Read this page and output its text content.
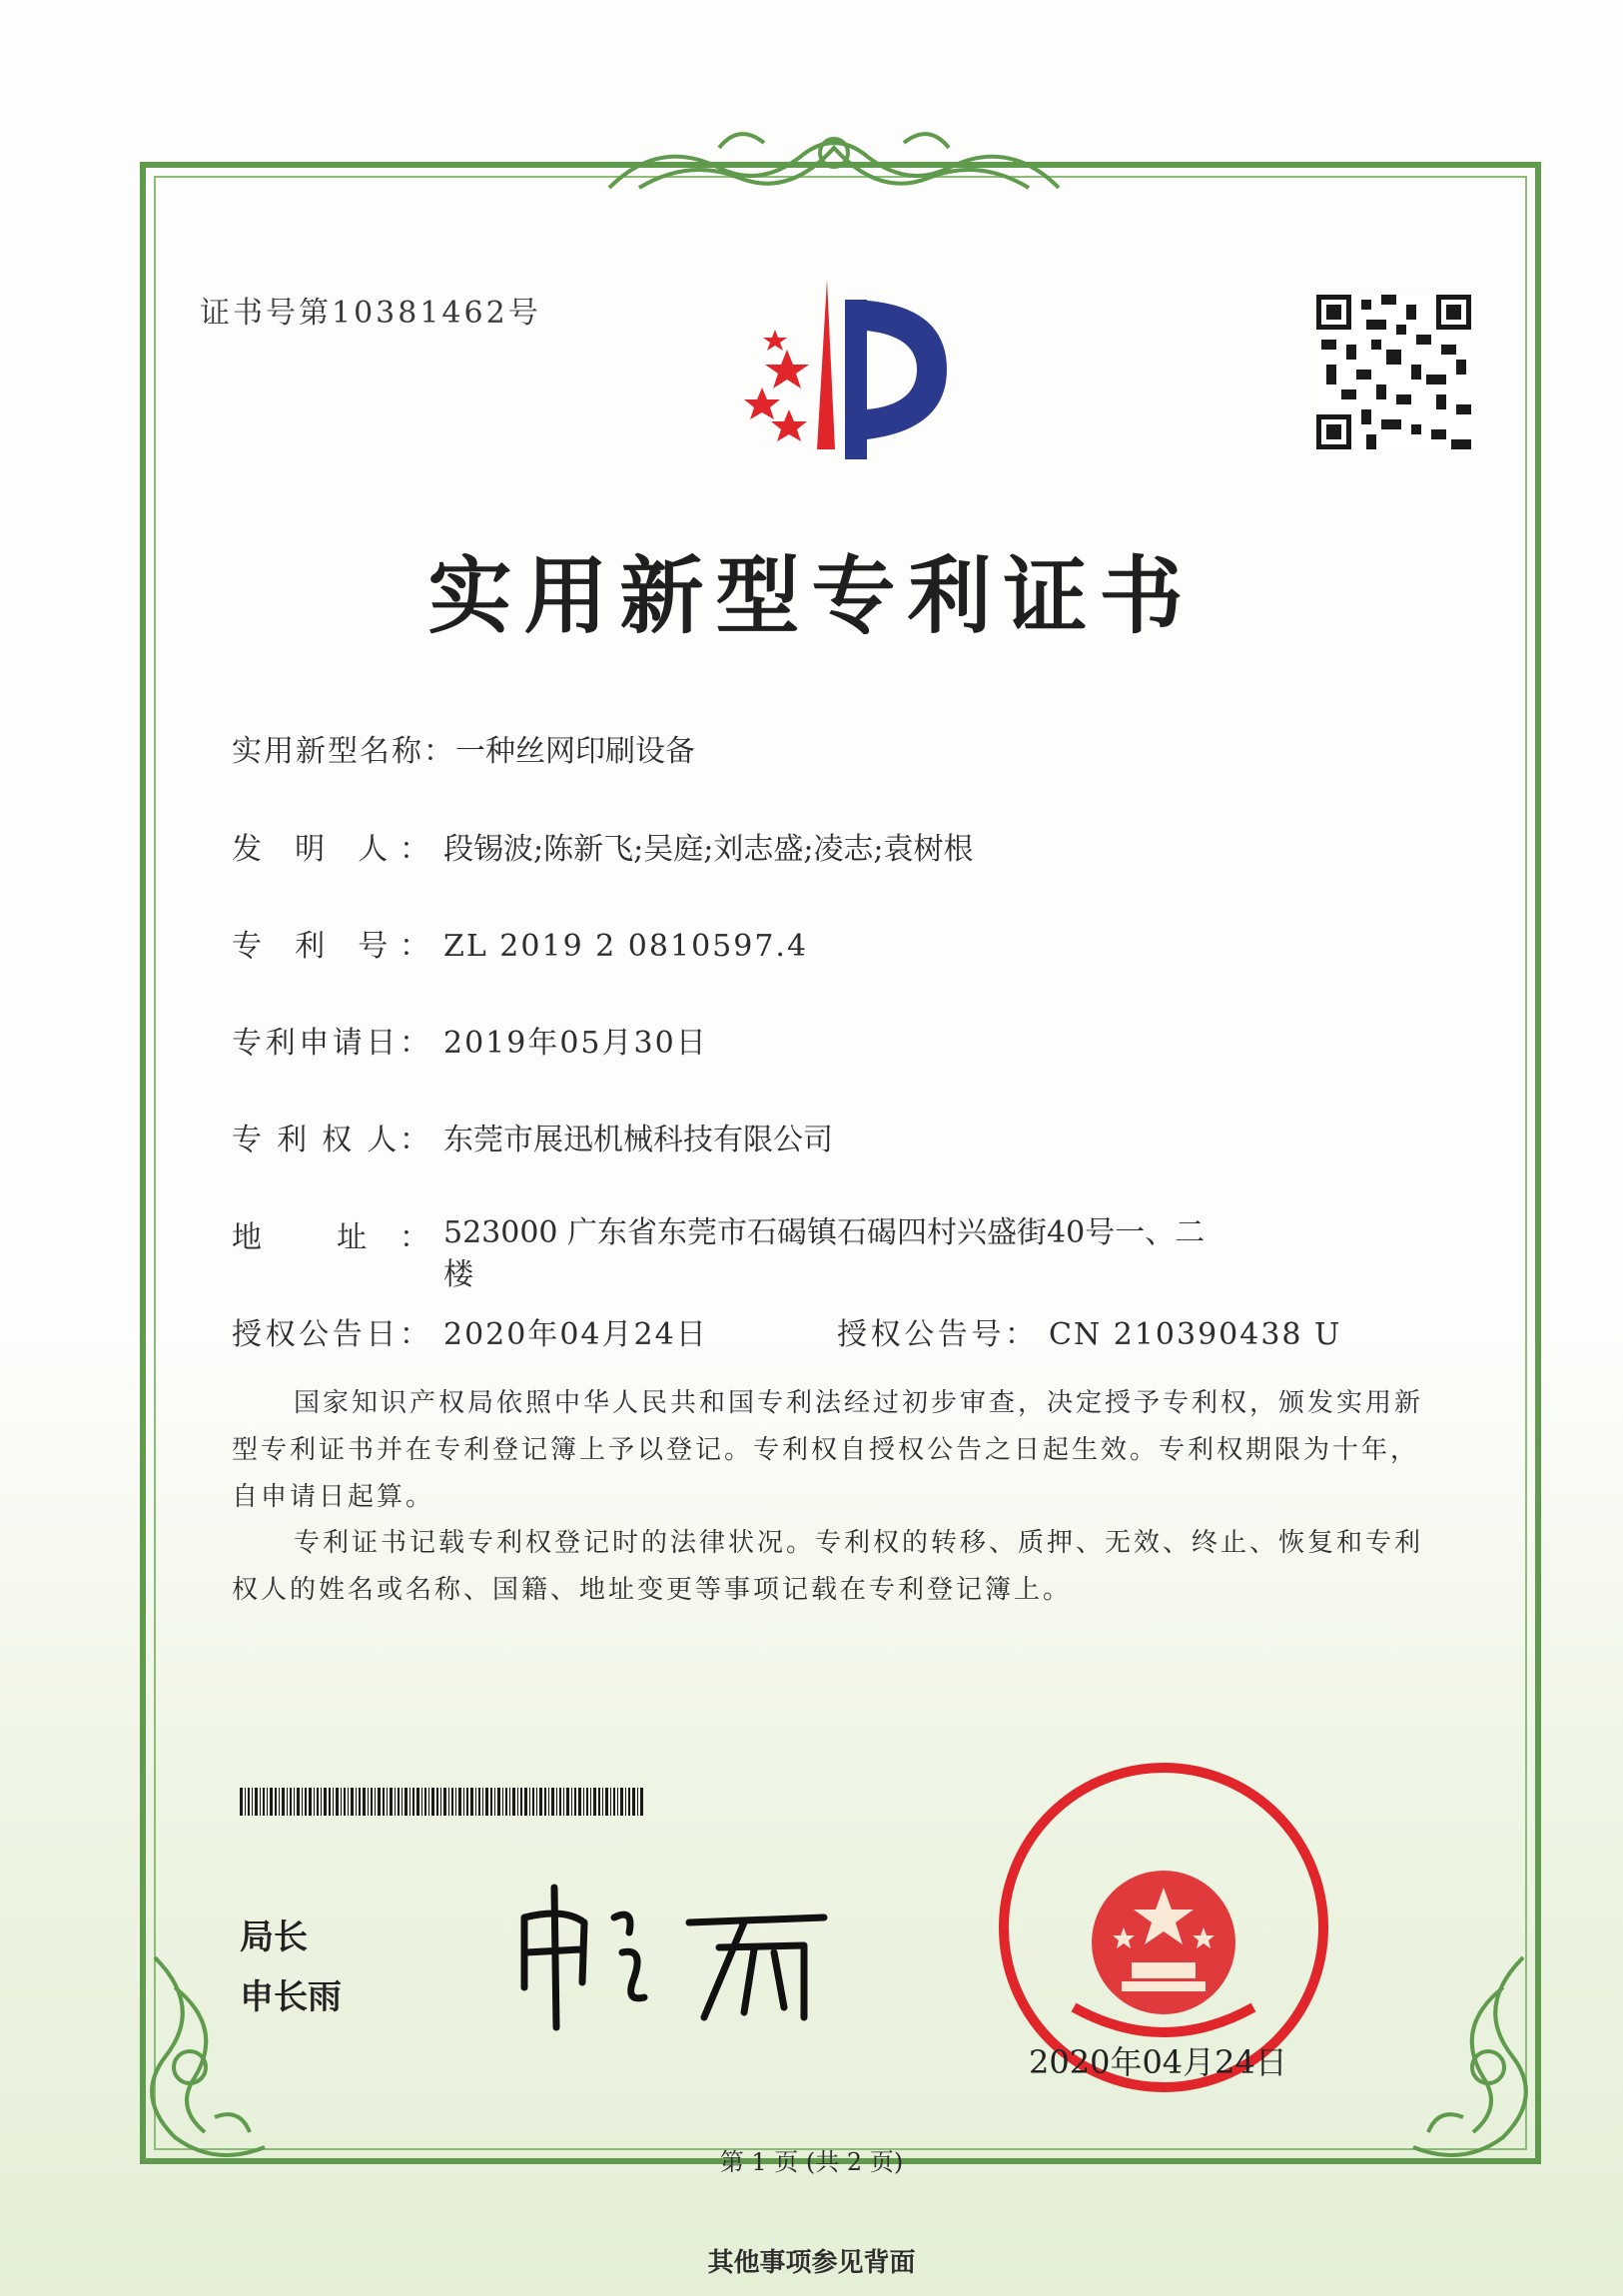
证书号第10381462号
实用新型专利证书
实用新型名称：一种丝网印刷设备
发 明 人： 段锡波;陈新飞;吴庭;刘志盛;凌志;袁树根
专 利 号： ZL 2019 2 0810597.4
专利申请日： 2019年05月30日
专 利 权 人： 东莞市展迅机械科技有限公司
地 址： 523000 广东省东莞市石碣镇石碣四村兴盛街40号一、二
楼
授权公告日： 2020年04月24日	授权公告号： CN 210390438 U
国家知识产权局依照中华人民共和国专利法经过初步审查，决定授予专利权，颁发实用新型专利证书并在专利登记簿上予以登记。专利权自授权公告之日起生效。专利权期限为十年，自申请日起算。
专利证书记载专利权登记时的法律状况。专利权的转移、质押、无效、终止、恢复和专利权人的姓名或名称、国籍、地址变更等事项记载在专利登记簿上。
局长
申长雨
2020年04月24日
第 1 页 (共 2 页)
其他事项参见背面
